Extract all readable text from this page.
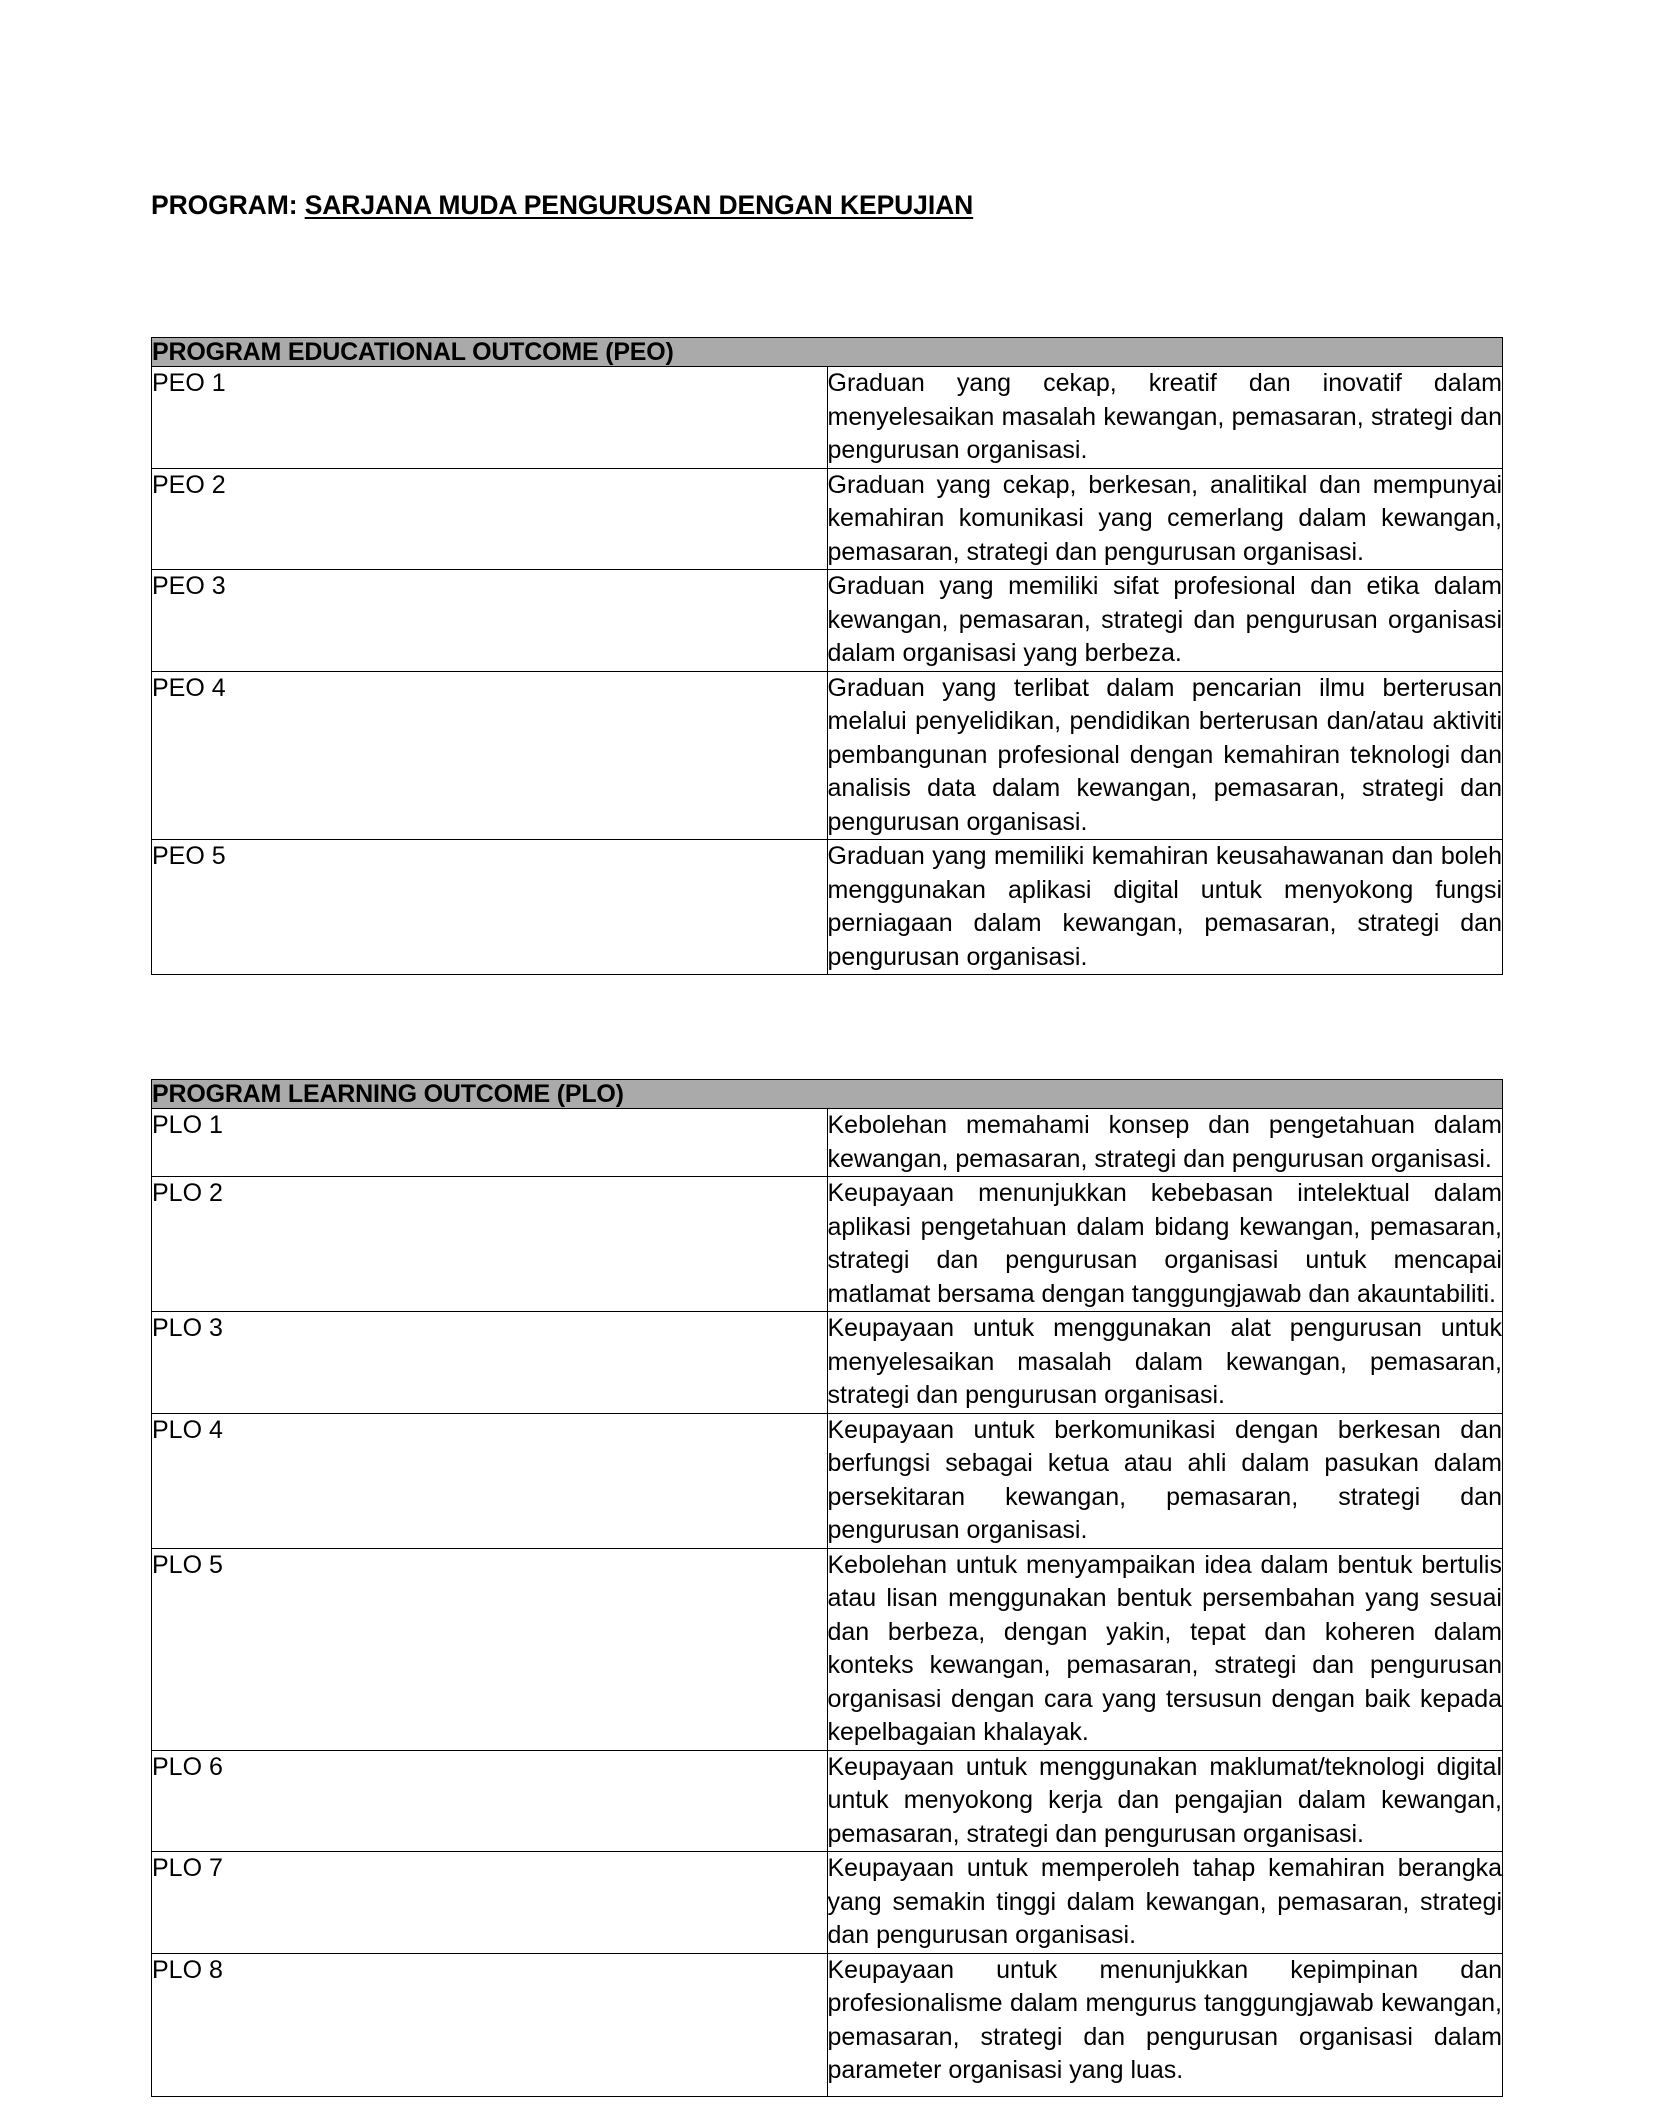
PROGRAM: SARJANA MUDA PENGURUSAN DENGAN KEPUJIAN
PROGRAM EDUCATIONAL OUTCOME (PEO)	
PEO 1	Graduan yang cekap, kreatif dan inovatif dalam menyelesaikan masalah kewangan, pemasaran, strategi dan pengurusan organisasi.

PEO 2	Graduan yang cekap, berkesan, analitikal dan mempunyai kemahiran komunikasi yang cemerlang dalam kewangan, pemasaran, strategi dan pengurusan organisasi.

PEO 3	Graduan yang memiliki sifat profesional dan etika dalam kewangan, pemasaran, strategi dan pengurusan organisasi dalam organisasi yang berbeza.

PEO 4	Graduan yang terlibat dalam pencarian ilmu berterusan melalui penyelidikan, pendidikan berterusan dan/atau aktiviti pembangunan profesional dengan kemahiran teknologi dan analisis data dalam kewangan, pemasaran, strategi dan pengurusan organisasi.

PEO 5	Graduan yang memiliki kemahiran keusahawanan dan boleh menggunakan aplikasi digital untuk menyokong fungsi perniagaan dalam kewangan, pemasaran, strategi dan pengurusan organisasi.
PROGRAM LEARNING OUTCOME (PLO)	
PLO 1	Kebolehan memahami konsep dan pengetahuan dalam kewangan, pemasaran, strategi dan pengurusan organisasi.

PLO 2	Keupayaan menunjukkan kebebasan intelektual dalam aplikasi pengetahuan dalam bidang kewangan, pemasaran, strategi dan pengurusan organisasi untuk mencapai matlamat bersama dengan tanggungjawab dan akauntabiliti.

PLO 3	Keupayaan untuk menggunakan alat pengurusan untuk menyelesaikan masalah dalam kewangan, pemasaran, strategi dan pengurusan organisasi.

PLO 4	Keupayaan untuk berkomunikasi dengan berkesan dan berfungsi sebagai ketua atau ahli dalam pasukan dalam persekitaran kewangan, pemasaran, strategi dan pengurusan organisasi.

PLO 5	Kebolehan untuk menyampaikan idea dalam bentuk bertulis atau lisan menggunakan bentuk persembahan yang sesuai dan berbeza, dengan yakin, tepat dan koheren dalam konteks kewangan, pemasaran, strategi dan pengurusan organisasi dengan cara yang tersusun dengan baik kepada kepelbagaian khalayak.

PLO 6	Keupayaan untuk menggunakan maklumat/teknologi digital untuk menyokong kerja dan pengajian dalam kewangan, pemasaran, strategi dan pengurusan organisasi.

PLO 7	Keupayaan untuk memperoleh tahap kemahiran berangka yang semakin tinggi dalam kewangan, pemasaran, strategi dan pengurusan organisasi.

PLO 8	Keupayaan untuk menunjukkan kepimpinan dan profesionalisme dalam mengurus tanggungjawab kewangan, pemasaran, strategi dan pengurusan organisasi dalam parameter organisasi yang luas.
